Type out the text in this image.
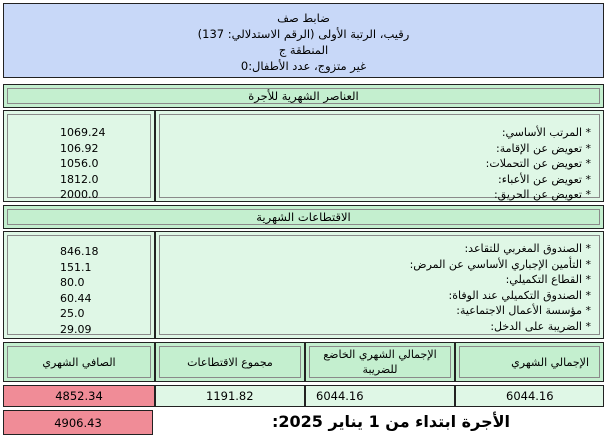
ضابط صف
رقيب، الرتبة الأولى (الرقم الاستدلالي: 137)
المنطقة ج
غير متزوج، عدد الأطفال:0
العناصر الشهرية للأجرة
* المرتب الأساسي:
* تعويض عن الإقامة:
* تعويض عن التحملات:
* تعويض عن الأعباء:
* تعويض عن الحريق:
1069.24
106.92
1056.0
1812.0
2000.0
الاقتطاعات الشهرية
* الصندوق المغربي للتقاعد:
* التأمين الإجباري الأساسي عن المرض:
* القطاع التكميلي:
* الصندوق التكميلي عند الوفاة:
* مؤسسة الأعمال الاجتماعية:
* الضريبة على الدخل:
846.18
151.1
80.0
60.44
25.0
29.09
الإجمالي الشهري
الإجمالي الشهري الخاضع للضريبة
مجموع الاقتطاعات
الصافي الشهري
6044.16
6044.16
1191.82
4852.34
4906.43	الأجرة ابتداء من 1 يناير 2025:
